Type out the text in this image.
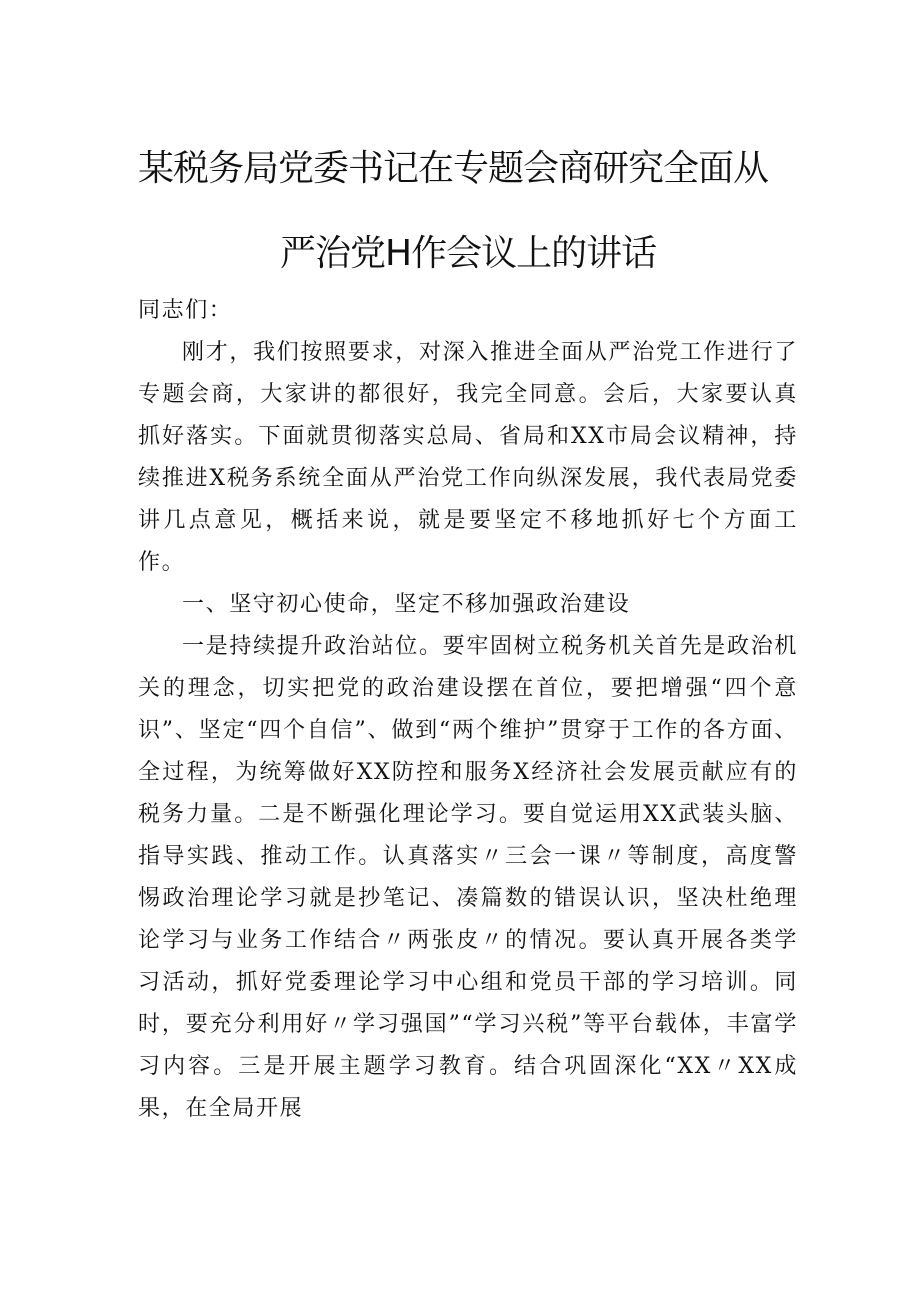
某税务局党委书记在专题会商研究全面从
严治党H作会议上的讲话

同志们：

刚才，我们按照要求，对深入推进全面从严治党工作进行了专题会商，大家讲的都很好，我完全同意。会后，大家要认真抓好落实。下面就贯彻落实总局、省局和XX市局会议精神，持续推进X税务系统全面从严治党工作向纵深发展，我代表局党委讲几点意见，概括来说，就是要坚定不移地抓好七个方面工作。

一、坚守初心使命，坚定不移加强政治建设

一是持续提升政治站位。要牢固树立税务机关首先是政治机关的理念，切实把党的政治建设摆在首位，要把增强“四个意识”、坚定“四个自信”、做到“两个维护”贯穿于工作的各方面、全过程，为统筹做好XX防控和服务X经济社会发展贡献应有的税务力量。二是不断强化理论学习。要自觉运用XX武装头脑、指导实践、推动工作。认真落实〃三会一课〃等制度，高度警惕政治理论学习就是抄笔记、凑篇数的错误认识，坚决杜绝理论学习与业务工作结合〃两张皮〃的情况。要认真开展各类学习活动，抓好党委理论学习中心组和党员干部的学习培训。同时，要充分利用好〃学习强国”“学习兴税”等平台载体，丰富学习内容。三是开展主题学习教育。结合巩固深化“XX〃XX成果，在全局开展
